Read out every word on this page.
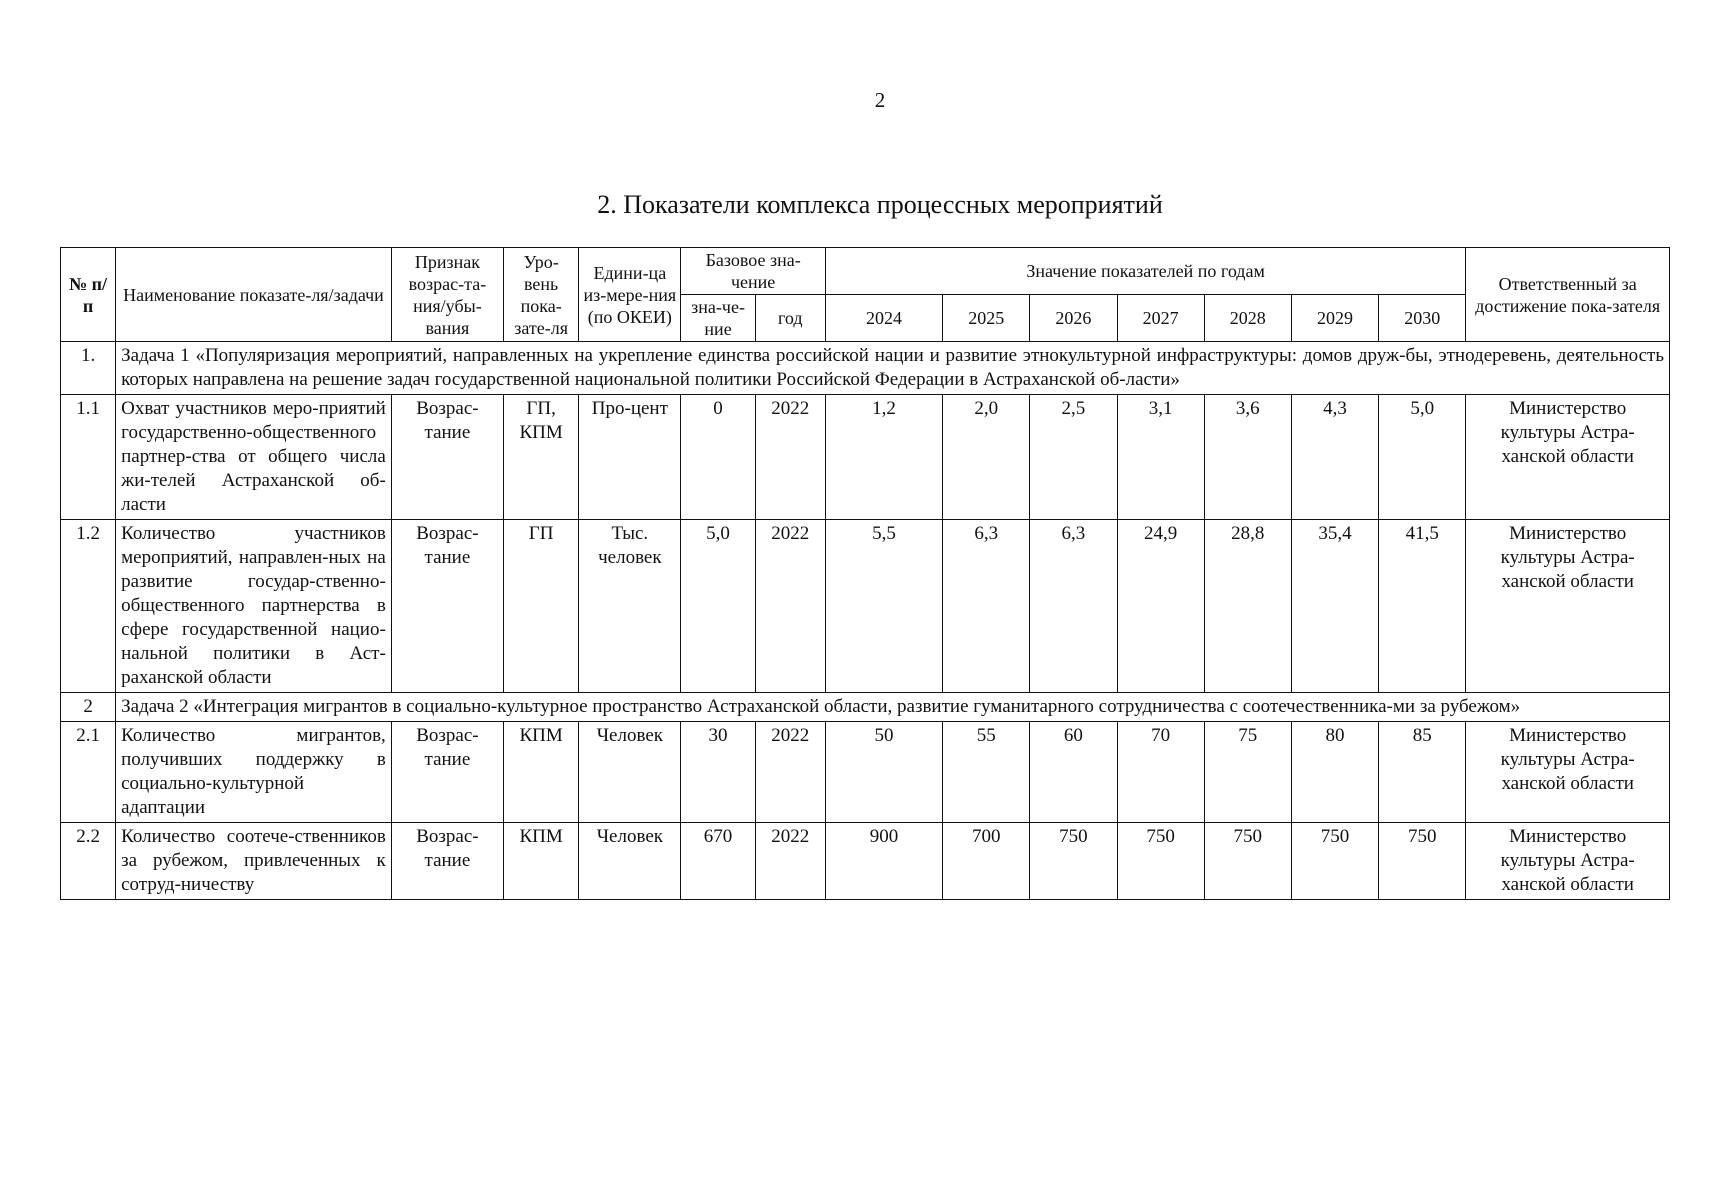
2
2. Показатели комплекса процессных мероприятий
№ п/п	Наименование показате-ля/задачи	Признак возрас-та-ния/убы-вания	Уро-вень пока-зате-ля	Едини-ца из-мере-ния (по ОКЕИ)	Базовое зна-чение		Значение показателей по годам							Ответственный за достижение пока-зателя
					зна-че-ние	год	2024	2025	2026	2027	2028	2029	2030	
1.	Задача 1 «Популяризация мероприятий, направленных на укрепление единства российской нации и развитие этнокультурной инфраструктуры: домов друж-бы, этнодеревень, деятельность которых направлена на решение задач государственной национальной политики Российской Федерации в Астраханской об-ласти»													
1.1	Охват участников меро-приятий государственно-общественного партнер-ства от общего числа жи-телей Астраханской об-ласти	Возрас-тание	ГП, КПМ	Про-цент	0	2022	1,2	2,0	2,5	3,1	3,6	4,3	5,0	Министерство культуры Астра-ханской области
1.2	Количество участников мероприятий, направлен-ных на развитие государ-ственно-общественного партнерства в сфере государственной нацио-нальной политики в Аст-раханской области	Возрас-тание	ГП	Тыс. человек	5,0	2022	5,5	6,3	6,3	24,9	28,8	35,4	41,5	Министерство культуры Астра-ханской области
2	Задача 2 «Интеграция мигрантов в социально-культурное пространство Астраханской области, развитие гуманитарного сотрудничества с соотечественника-ми за рубежом»													
2.1	Количество мигрантов, получивших поддержку в социально-культурной адаптации	Возрас-тание	КПМ	Человек	30	2022	50	55	60	70	75	80	85	Министерство культуры Астра-ханской области
2.2	Количество соотече-ственников за рубежом, привлеченных к сотруд-ничеству	Возрас-тание	КПМ	Человек	670	2022	900	700	750	750	750	750	750	Министерство культуры Астра-ханской области
